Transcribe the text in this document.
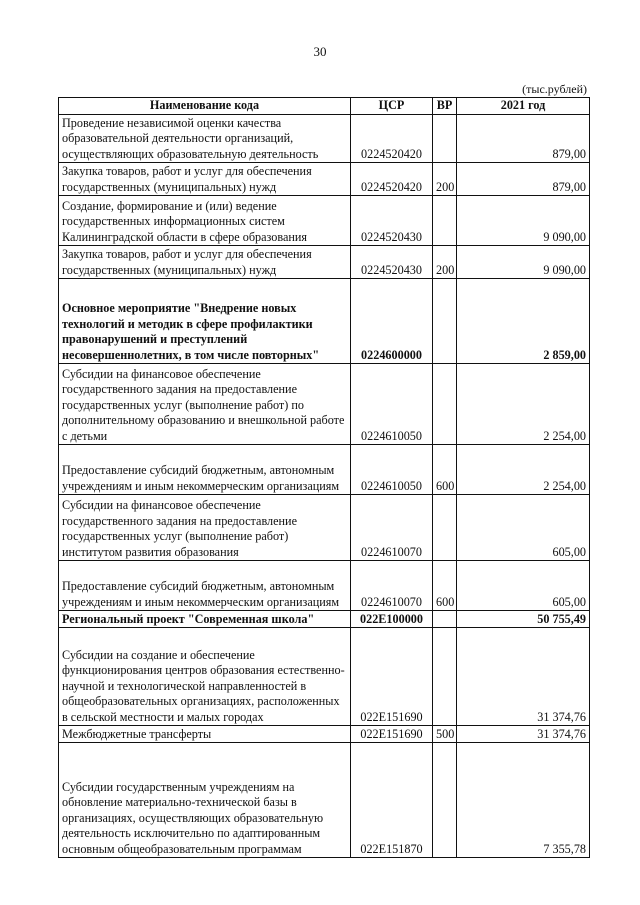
30
(тыс.рублей)
Наименование кода	ЦСР	ВР	2021 год
Проведение независимой оценки качества образовательной деятельности организаций, осуществляющих образовательную деятельность	0224520420		879,00
Закупка товаров, работ и услуг для обеспечения государственных (муниципальных) нужд	0224520420	200	879,00
Создание, формирование и (или) ведение государственных информационных систем Калининградской области в сфере образования	0224520430		9 090,00
Закупка товаров, работ и услуг для обеспечения государственных (муниципальных) нужд	0224520430	200	9 090,00
Основное мероприятие "Внедрение новых технологий и методик в сфере профилактики правонарушений и преступлений несовершеннолетних, в том числе повторных"	0224600000		2 859,00
Субсидии на финансовое обеспечение государственного задания на предоставление государственных услуг (выполнение работ) по дополнительному образованию и внешкольной работе с детьми	0224610050		2 254,00
Предоставление субсидий бюджетным, автономным учреждениям и иным некоммерческим организациям	0224610050	600	2 254,00
Субсидии на финансовое обеспечение государственного задания на предоставление государственных услуг (выполнение работ) институтом развития образования	0224610070		605,00
Предоставление субсидий бюджетным, автономным учреждениям и иным некоммерческим организациям	0224610070	600	605,00
Региональный проект "Современная школа"	022E100000		50 755,49
Субсидии на создание и обеспечение функционирования центров образования естественно-научной и технологической направленностей в общеобразовательных организациях, расположенных в сельской местности и малых городах	022E151690		31 374,76
Межбюджетные трансферты	022E151690	500	31 374,76
Субсидии государственным учреждениям на обновление материально-технической базы в организациях, осуществляющих образовательную деятельность исключительно по адаптированным основным общеобразовательным программам	022E151870		7 355,78
